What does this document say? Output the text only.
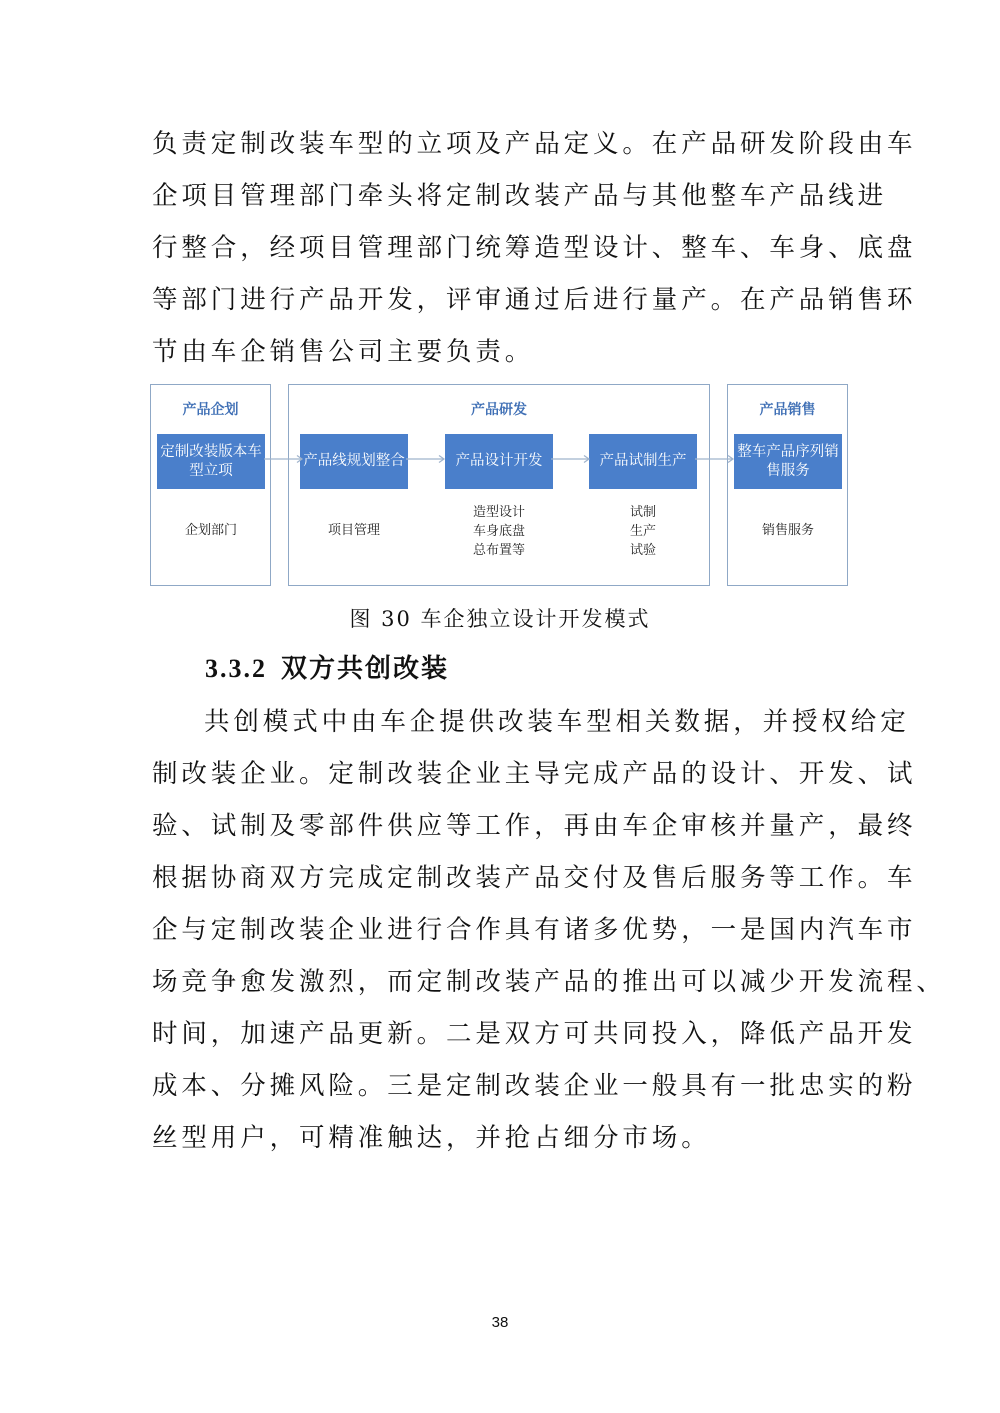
负责定制改装车型的立项及产品定义。在产品研发阶段由车
企项目管理部门牵头将定制改装产品与其他整车产品线进
行整合，经项目管理部门统筹造型设计、整车、车身、底盘
等部门进行产品开发，评审通过后进行量产。在产品销售环
节由车企销售公司主要负责。

产品企划
定制改装版本车型立项
企划部门
产品研发
产品线规划整合	产品设计开发	产品试制生产
项目管理
造型设计
车身底盘
总布置等
试制
生产
试验
产品销售
整车产品序列销售服务
销售服务
图 30 车企独立设计开发模式
3.3.2 双方共创改装

共创模式中由车企提供改装车型相关数据，并授权给定
制改装企业。定制改装企业主导完成产品的设计、开发、试
验、试制及零部件供应等工作，再由车企审核并量产，最终
根据协商双方完成定制改装产品交付及售后服务等工作。车
企与定制改装企业进行合作具有诸多优势，一是国内汽车市
场竞争愈发激烈，而定制改装产品的推出可以减少开发流程、
时间，加速产品更新。二是双方可共同投入，降低产品开发
成本、分摊风险。三是定制改装企业一般具有一批忠实的粉
丝型用户，可精准触达，并抢占细分市场。

38
